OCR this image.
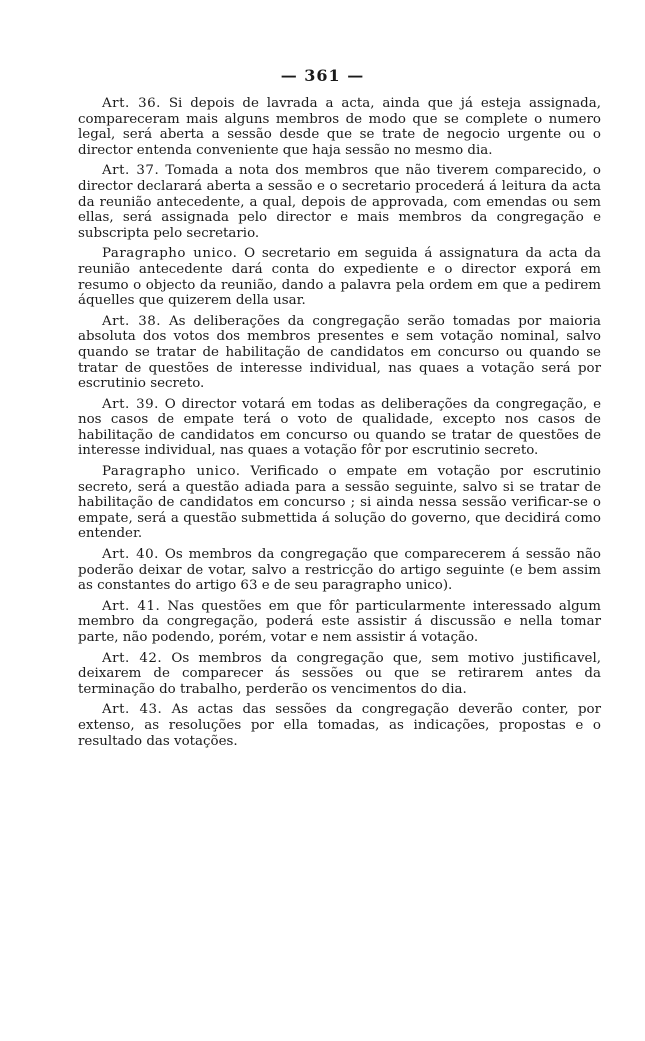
— 361 —

Art. 36. Si depois de lavrada a acta, ainda que já esteja assignada, compareceram mais alguns membros de modo que se complete o numero legal, será aberta a sessão desde que se trate de negocio urgente ou o director entenda conveniente que haja sessão no mesmo dia.

Art. 37. Tomada a nota dos membros que não tiverem comparecido, o director declarará aberta a sessão e o secretario procederá á leitura da acta da reunião antecedente, a qual, depois de approvada, com emendas ou sem ellas, será assignada pelo director e mais membros da congregação e subscripta pelo secretario.

Paragrapho unico. O secretario em seguida á assignatura da acta da reunião antecedente dará conta do expediente e o director exporá em resumo o objecto da reunião, dando a palavra pela ordem em que a pedirem áquelles que quizerem della usar.

Art. 38. As deliberações da congregação serão tomadas por maioria absoluta dos votos dos membros presentes e sem votação nominal, salvo quando se tratar de habilitação de candidatos em concurso ou quando se tratar de questões de interesse individual, nas quaes a votação será por escrutinio secreto.

Art. 39. O director votará em todas as deliberações da congregação, e nos casos de empate terá o voto de qualidade, excepto nos casos de habilitação de candidatos em concurso ou quando se tratar de questões de interesse individual, nas quaes a votação fôr por escrutinio secreto.

Paragrapho unico. Verificado o empate em votação por escrutinio secreto, será a questão adiada para a sessão seguinte, salvo si se tratar de habilitação de candidatos em concurso ; si ainda nessa sessão verificar-se o empate, será a questão submettida á solução do governo, que decidirá como entender.

Art. 40. Os membros da congregação que comparecerem á sessão não poderão deixar de votar, salvo a restricção do artigo seguinte (e bem assim as constantes do artigo 63 e de seu paragrapho unico).

Art. 41. Nas questões em que fôr particularmente interessado algum membro da congregação, poderá este assistir á discussão e nella tomar parte, não podendo, porém, votar e nem assistir á votação.

Art. 42. Os membros da congregação que, sem motivo justificavel, deixarem de comparecer ás sessões ou que se retirarem antes da terminação do trabalho, perderão os vencimentos do dia.

Art. 43. As actas das sessões da congregação deverão conter, por extenso, as resoluções por ella tomadas, as indicações, propostas e o resultado das votações.
